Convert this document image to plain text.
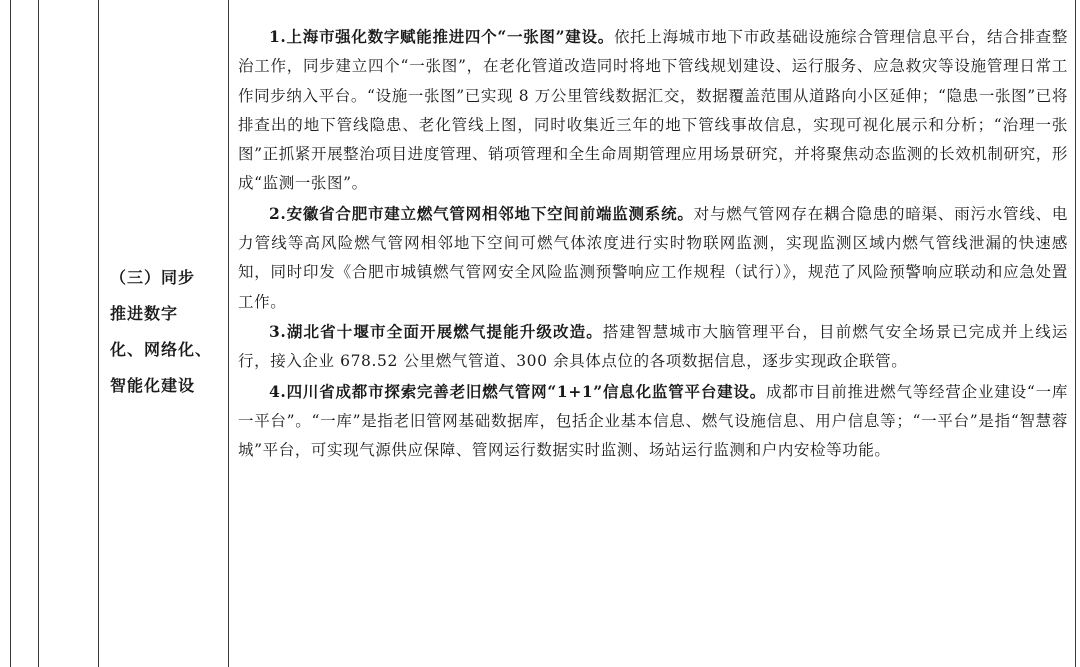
（三）同步
推进数字
化、网络化、
智能化建设

1.上海市强化数字赋能推进四个“一张图”建设。依托上海城市地下市政基础设施综合管理信息平台，结合排查整治工作，同步建立四个“一张图”，在老化管道改造同时将地下管线规划建设、运行服务、应急救灾等设施管理日常工作同步纳入平台。“设施一张图”已实现 8 万公里管线数据汇交，数据覆盖范围从道路向小区延伸；“隐患一张图”已将排查出的地下管线隐患、老化管线上图，同时收集近三年的地下管线事故信息，实现可视化展示和分析；“治理一张图”正抓紧开展整治项目进度管理、销项管理和全生命周期管理应用场景研究，并将聚焦动态监测的长效机制研究，形成“监测一张图”。

2.安徽省合肥市建立燃气管网相邻地下空间前端监测系统。对与燃气管网存在耦合隐患的暗渠、雨污水管线、电力管线等高风险燃气管网相邻地下空间可燃气体浓度进行实时物联网监测，实现监测区域内燃气管线泄漏的快速感知，同时印发《合肥市城镇燃气管网安全风险监测预警响应工作规程（试行）》，规范了风险预警响应联动和应急处置工作。

3.湖北省十堰市全面开展燃气提能升级改造。搭建智慧城市大脑管理平台，目前燃气安全场景已完成并上线运行，接入企业 678.52 公里燃气管道、300 余具体点位的各项数据信息，逐步实现政企联管。

4.四川省成都市探索完善老旧燃气管网“1+1”信息化监管平台建设。成都市目前推进燃气等经营企业建设“一库一平台”。“一库”是指老旧管网基础数据库，包括企业基本信息、燃气设施信息、用户信息等；“一平台”是指“智慧蓉城”平台，可实现气源供应保障、管网运行数据实时监测、场站运行监测和户内安检等功能。
